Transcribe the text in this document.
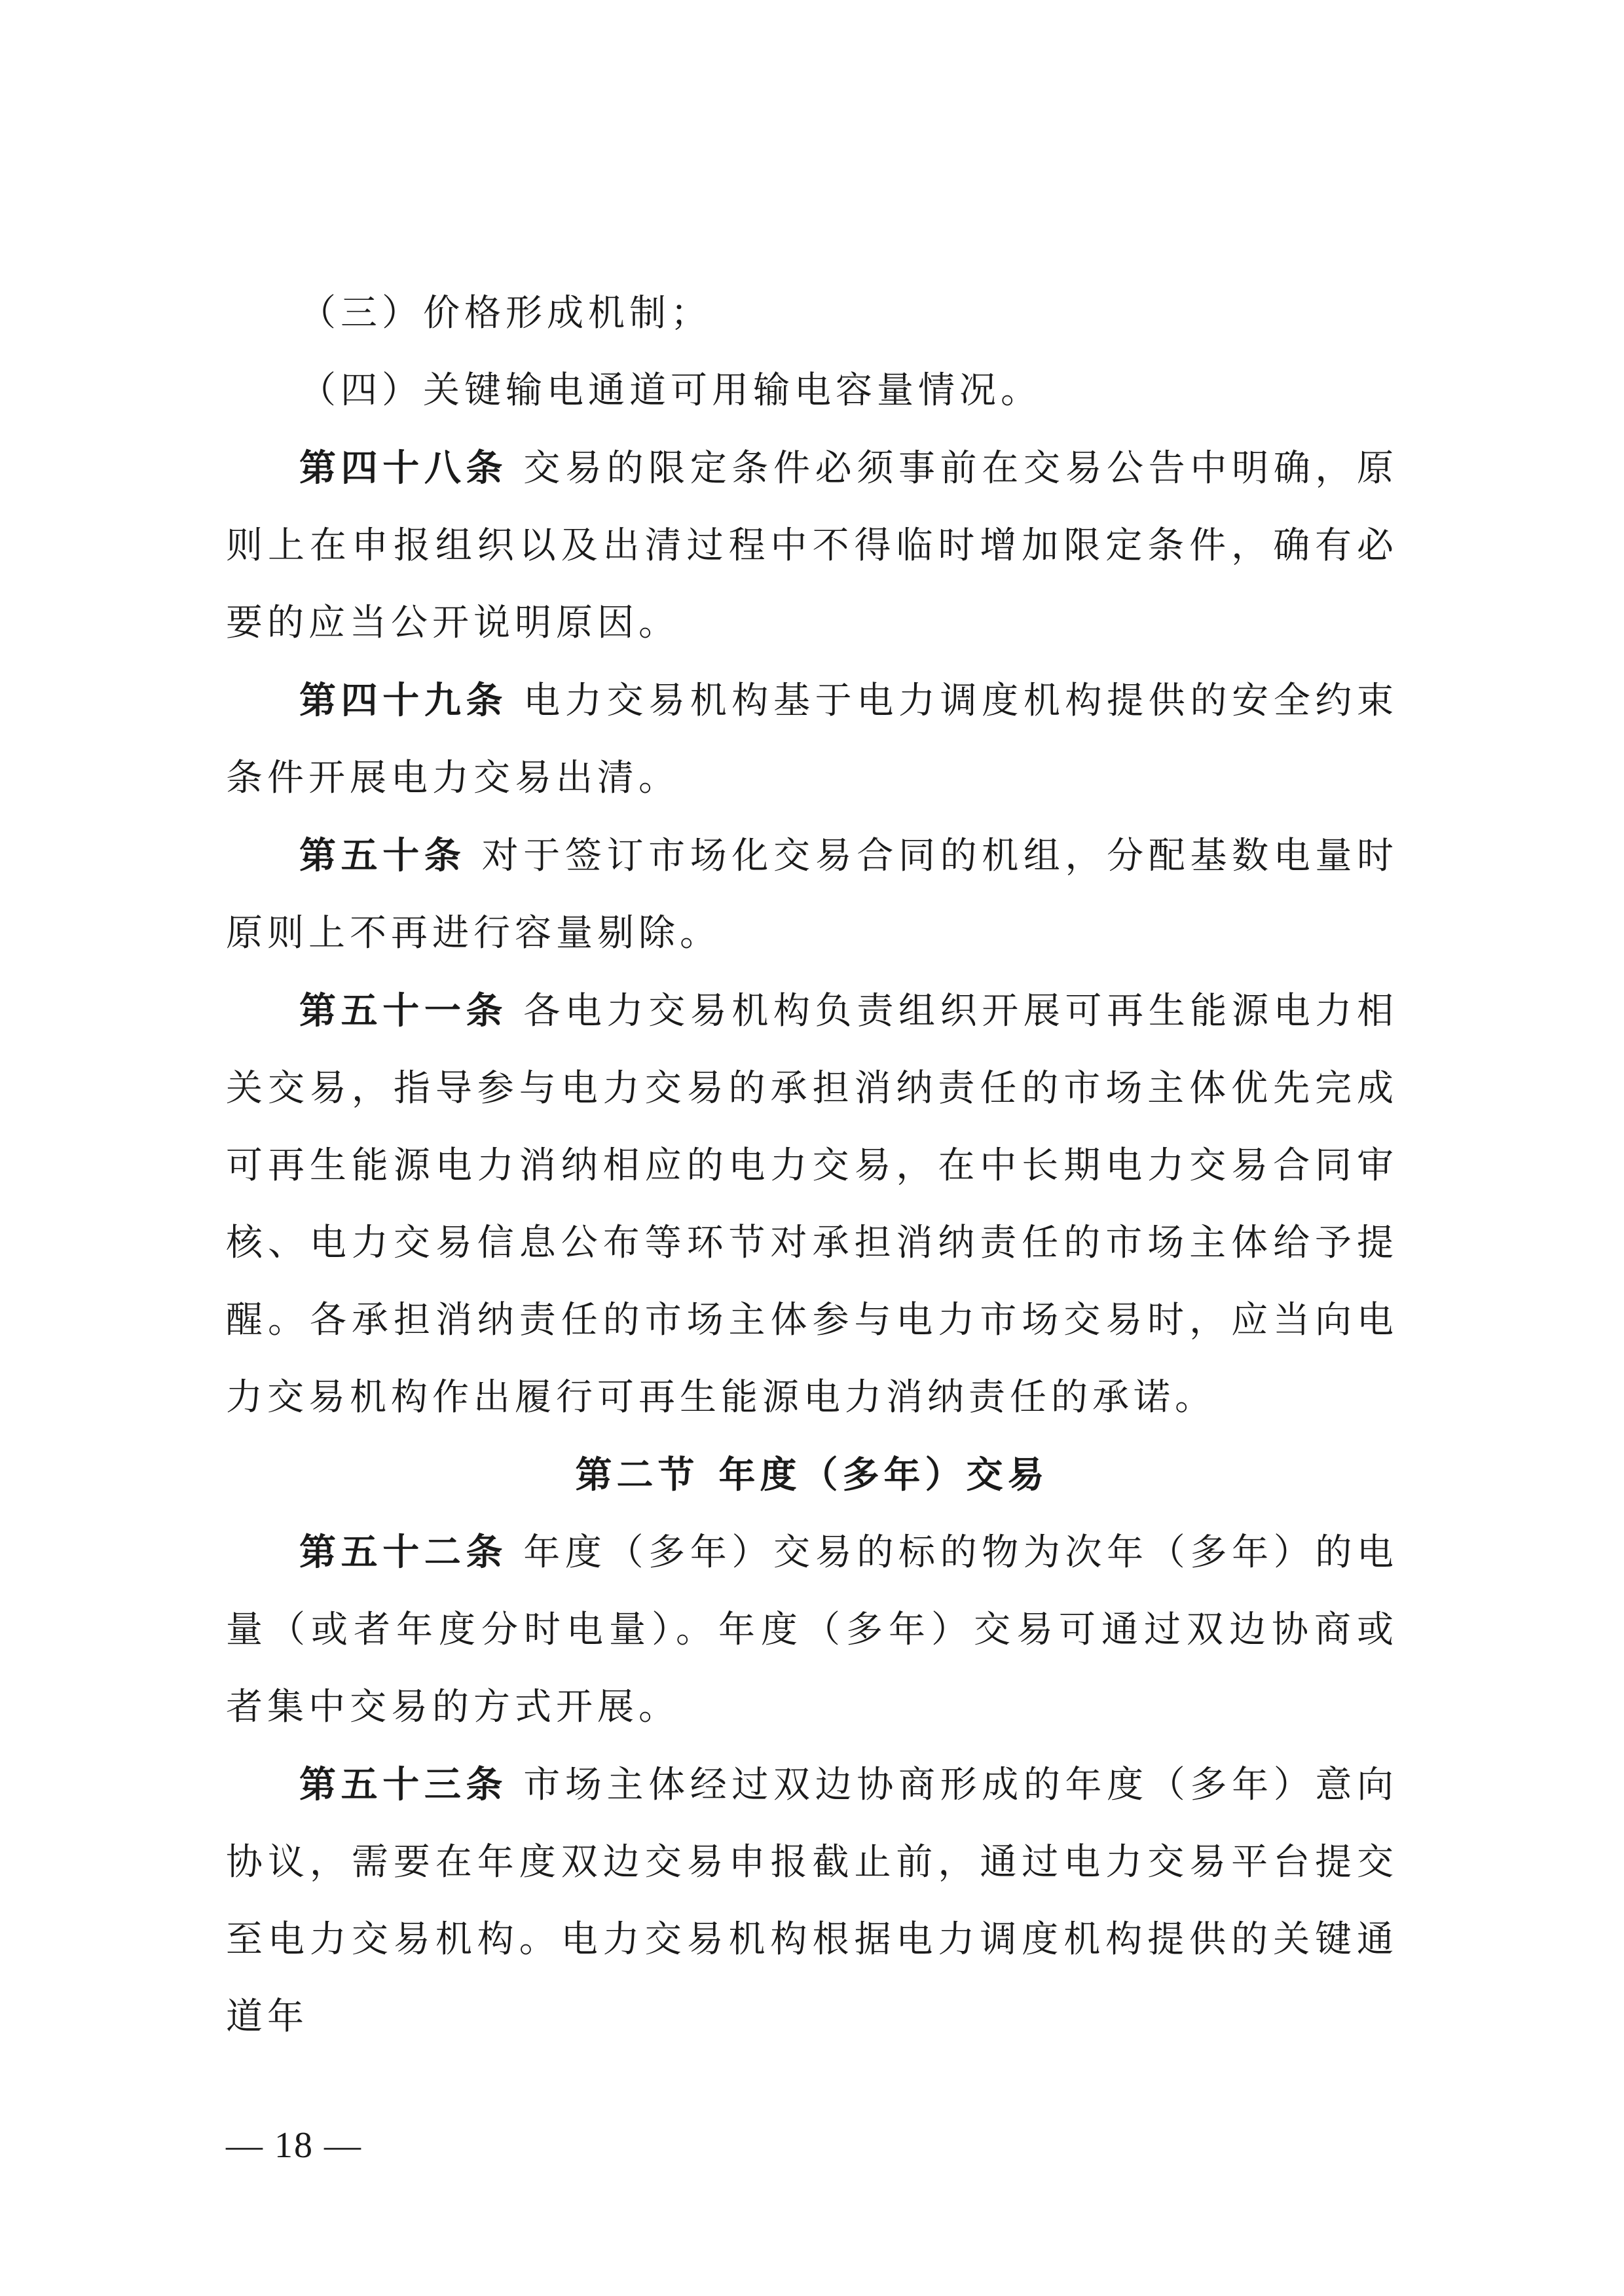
（三）价格形成机制；

（四）关键输电通道可用输电容量情况。

第四十八条 交易的限定条件必须事前在交易公告中明确，原则上在申报组织以及出清过程中不得临时增加限定条件，确有必要的应当公开说明原因。

第四十九条 电力交易机构基于电力调度机构提供的安全约束条件开展电力交易出清。

第五十条 对于签订市场化交易合同的机组，分配基数电量时原则上不再进行容量剔除。

第五十一条 各电力交易机构负责组织开展可再生能源电力相关交易，指导参与电力交易的承担消纳责任的市场主体优先完成可再生能源电力消纳相应的电力交易，在中长期电力交易合同审核、电力交易信息公布等环节对承担消纳责任的市场主体给予提醒。各承担消纳责任的市场主体参与电力市场交易时，应当向电力交易机构作出履行可再生能源电力消纳责任的承诺。

第二节 年度（多年）交易

第五十二条 年度（多年）交易的标的物为次年（多年）的电量（或者年度分时电量）。年度（多年）交易可通过双边协商或者集中交易的方式开展。

第五十三条 市场主体经过双边协商形成的年度（多年）意向协议，需要在年度双边交易申报截止前，通过电力交易平台提交至电力交易机构。电力交易机构根据电力调度机构提供的关键通道年

— 18 —
